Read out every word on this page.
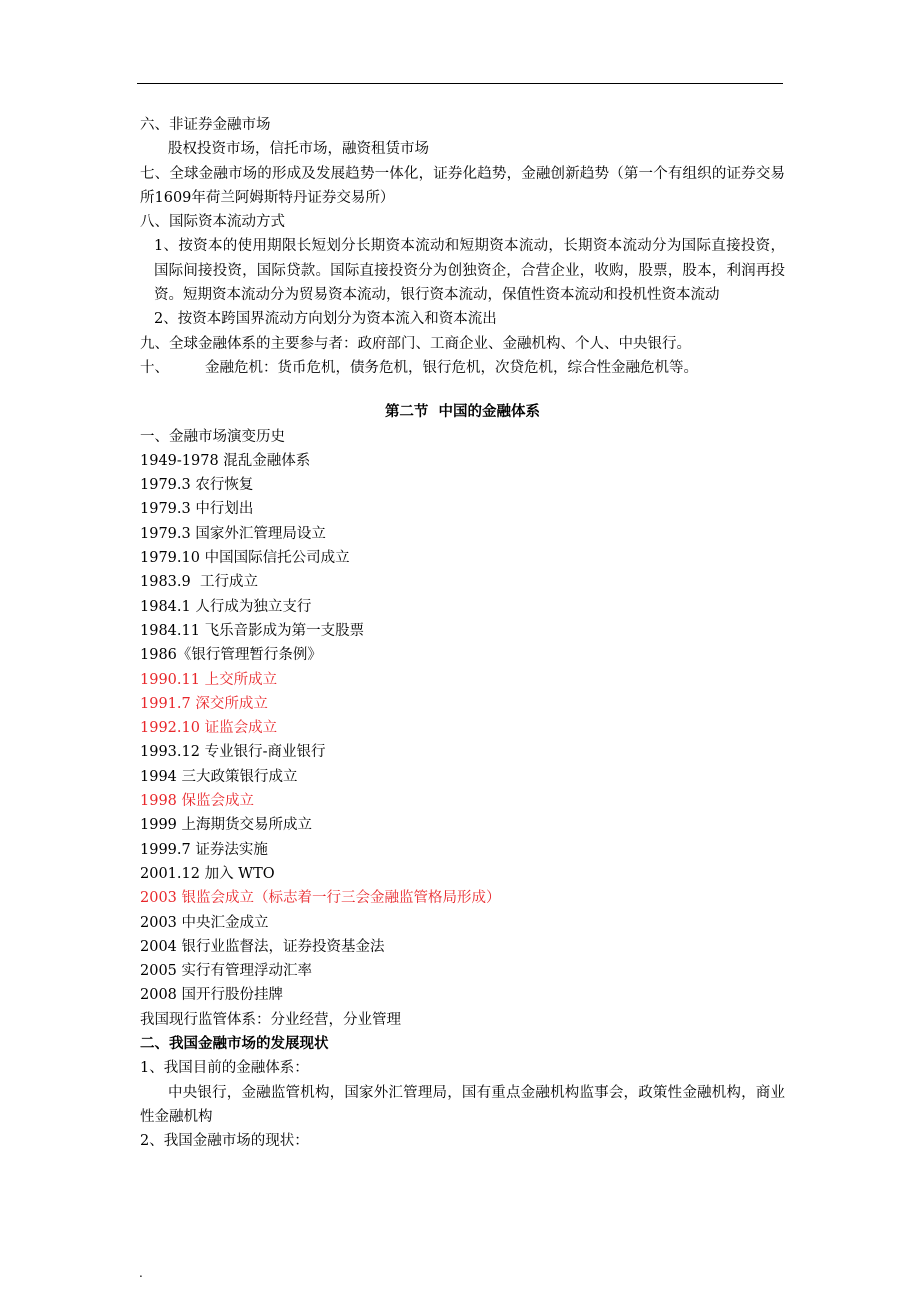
六、非证券金融市场

股权投资市场，信托市场，融资租赁市场

七、全球金融市场的形成及发展趋势一体化，证券化趋势，金融创新趋势（第一个有组织的证券交易所1609年荷兰阿姆斯特丹证券交易所）

八、国际资本流动方式

1、按资本的使用期限长短划分长期资本流动和短期资本流动，长期资本流动分为国际直接投资，国际间接投资，国际贷款。国际直接投资分为创独资企，合营企业，收购，股票，股本，利润再投资。短期资本流动分为贸易资本流动，银行资本流动，保值性资本流动和投机性资本流动

2、按资本跨国界流动方向划分为资本流入和资本流出

九、全球金融体系的主要参与者：政府部门、工商企业、金融机构、个人、中央银行。

十、 金融危机：货币危机，债务危机，银行危机，次贷危机，综合性金融危机等。

第二节  中国的金融体系

一、金融市场演变历史

1949-1978 混乱金融体系

1979.3 农行恢复

1979.3 中行划出

1979.3 国家外汇管理局设立

1979.10 中国国际信托公司成立

1983.9  工行成立

1984.1 人行成为独立支行

1984.11 飞乐音影成为第一支股票

1986《银行管理暂行条例》

1990.11 上交所成立

1991.7 深交所成立

1992.10 证监会成立

1993.12 专业银行-商业银行

1994 三大政策银行成立

1998 保监会成立

1999 上海期货交易所成立

1999.7 证券法实施

2001.12 加入 WTO

2003 银监会成立（标志着一行三会金融监管格局形成）

2003 中央汇金成立

2004 银行业监督法，证券投资基金法

2005 实行有管理浮动汇率

2008 国开行股份挂牌

我国现行监管体系：分业经营，分业管理

二、我国金融市场的发展现状

1、我国目前的金融体系：

中央银行，金融监管机构，国家外汇管理局，国有重点金融机构监事会，政策性金融机构，商业性金融机构

2、我国金融市场的现状：

.
